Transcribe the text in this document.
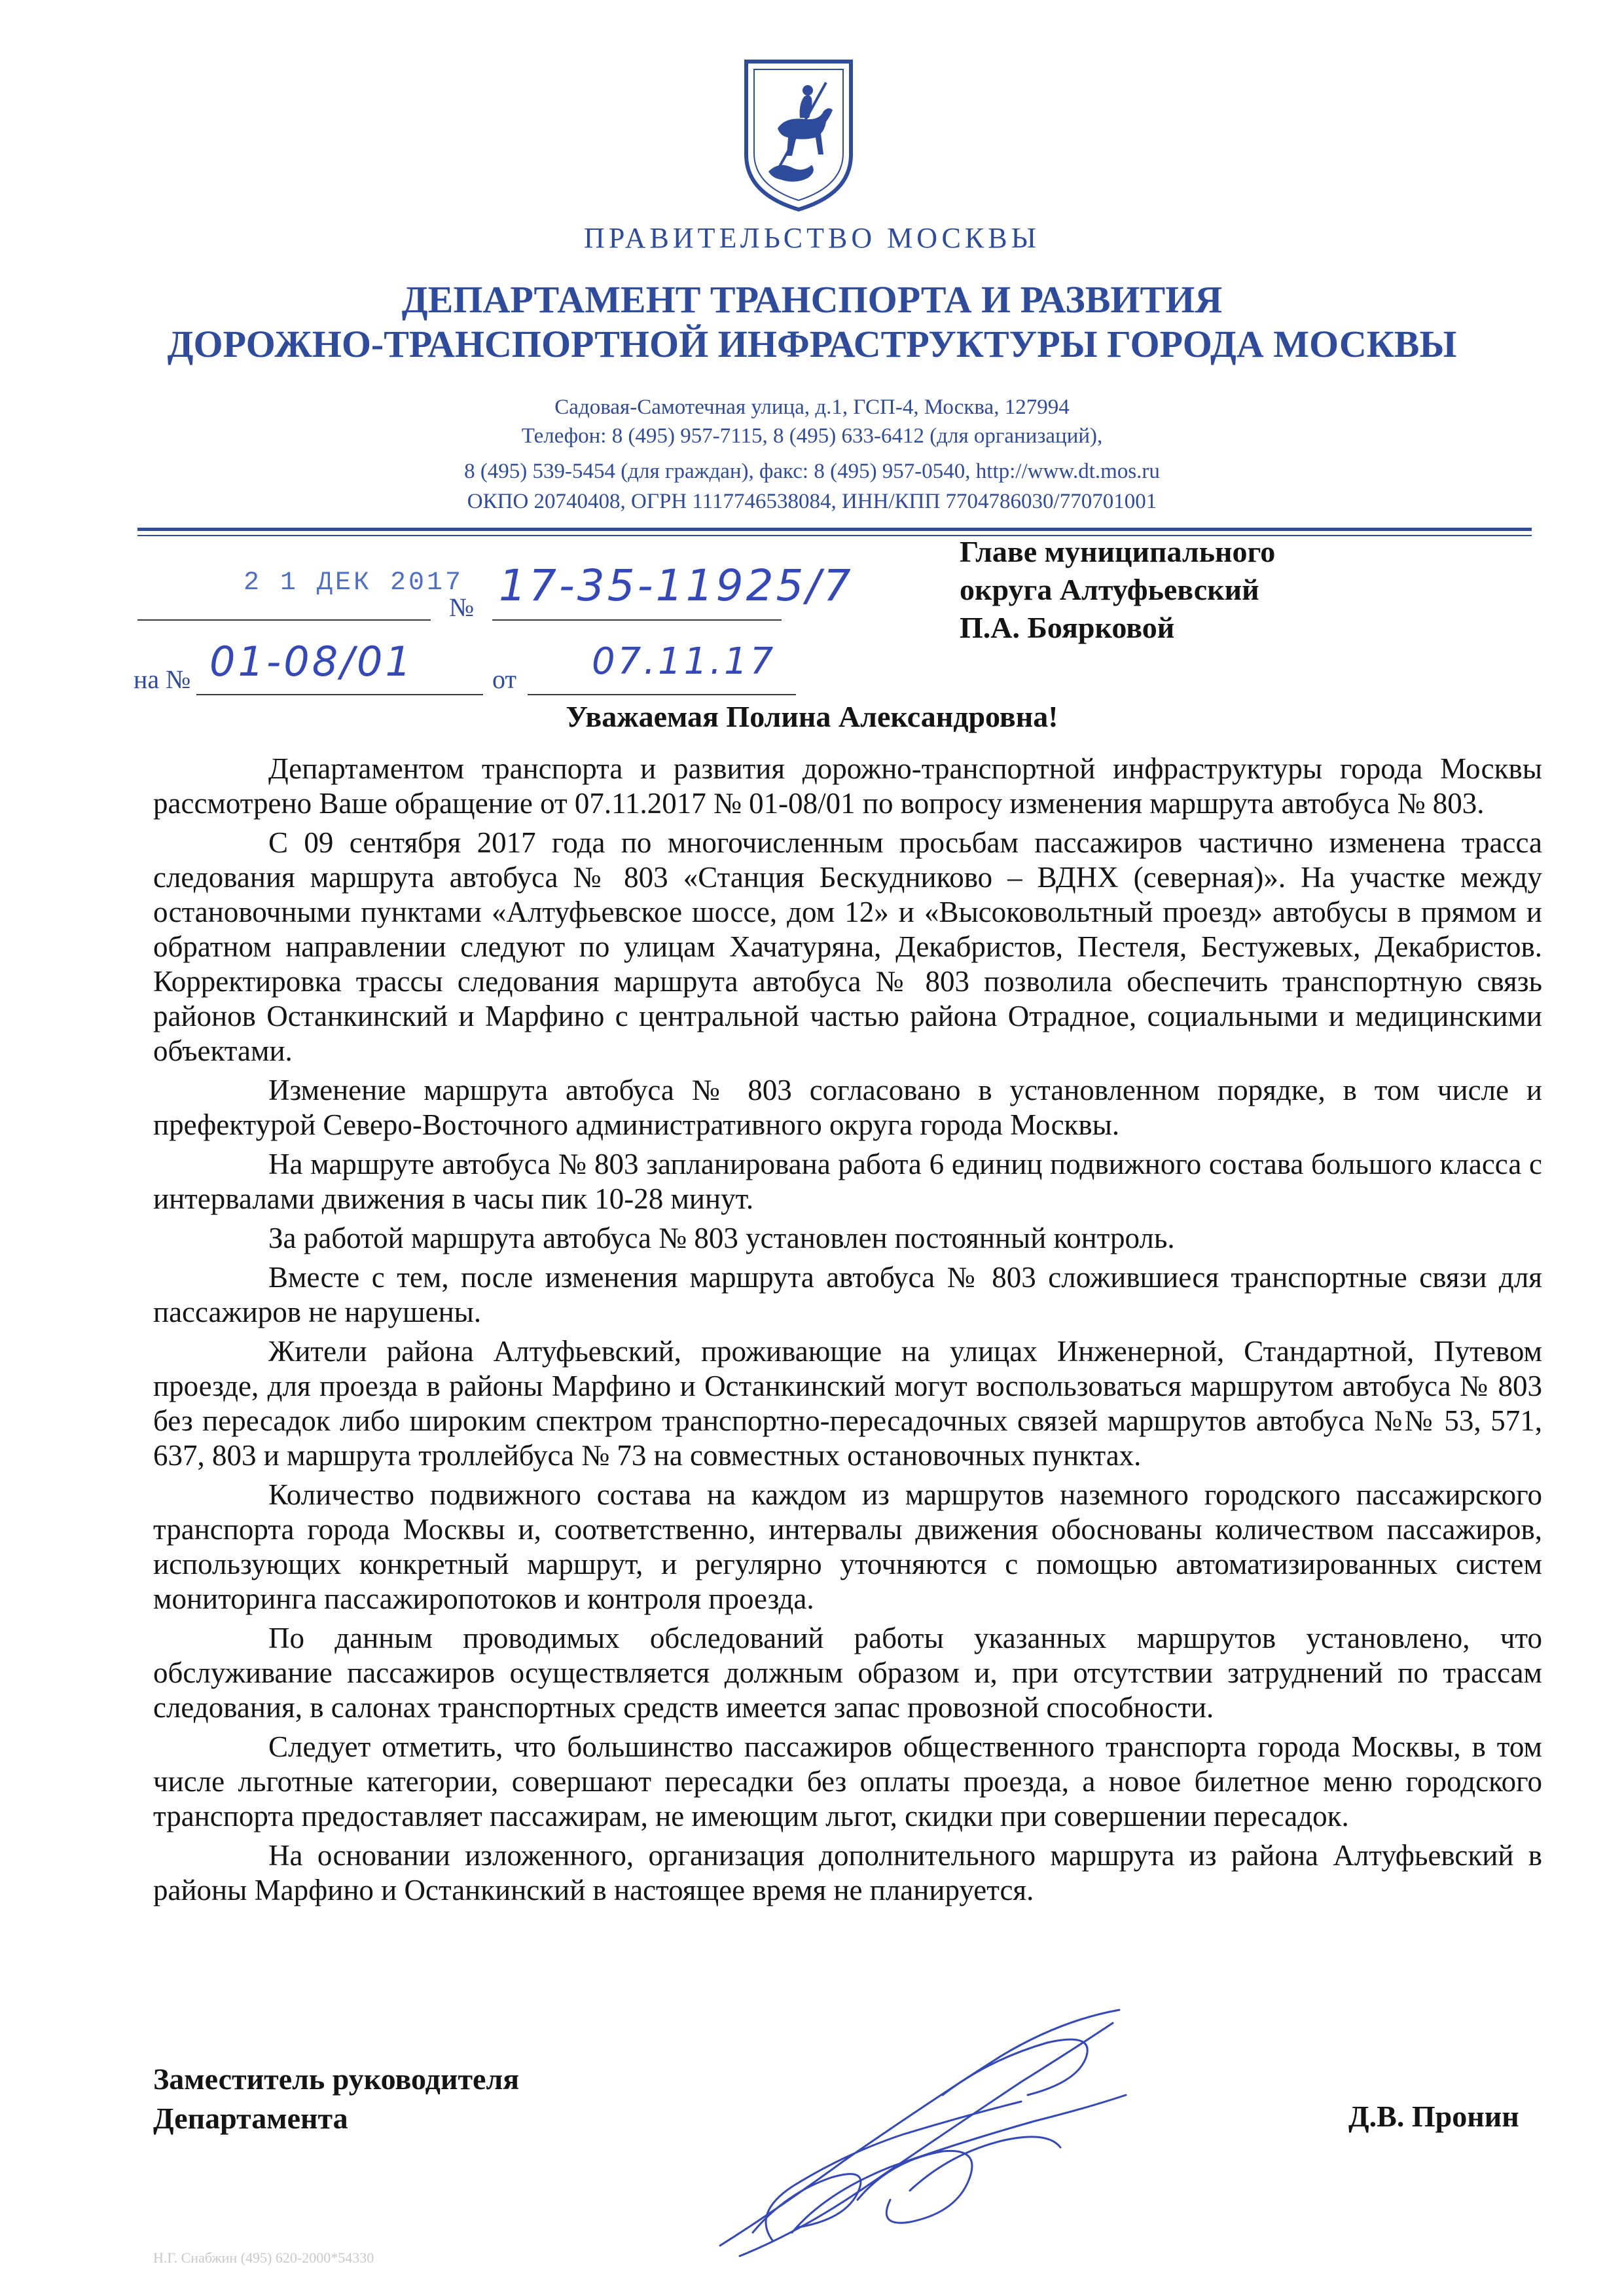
ПРАВИТЕЛЬСТВО МОСКВЫ
ДЕПАРТАМЕНТ ТРАНСПОРТА И РАЗВИТИЯ
ДОРОЖНО-ТРАНСПОРТНОЙ ИНФРАСТРУКТУРЫ ГОРОДА МОСКВЫ
Садовая-Самотечная улица, д.1, ГСП-4, Москва, 127994
Телефон: 8 (495) 957-7115, 8 (495) 633-6412 (для организаций),
8 (495) 539-5454 (для граждан), факс: 8 (495) 957-0540, http://www.dt.mos.ru
ОКПО 20740408, ОГРН 1117746538084, ИНН/КПП 7704786030/770701001
2 1 ДЕК 2017
№ 17-35-11925/7
на № 01-08/01	от 07.11.17
Главе муниципального
округа Алтуфьевский
П.А. Боярковой
Уважаемая Полина Александровна!

Департаментом транспорта и развития дорожно-транспортной инфраструктуры города Москвы рассмотрено Ваше обращение от 07.11.2017 № 01-08/01 по вопросу изменения маршрута автобуса № 803.

С 09 сентября 2017 года по многочисленным просьбам пассажиров частично изменена трасса следования маршрута автобуса № 803 «Станция Бескудниково – ВДНХ (северная)». На участке между остановочными пунктами «Алтуфьевское шоссе, дом 12» и «Высоковольтный проезд» автобусы в прямом и обратном направлении следуют по улицам Хачатуряна, Декабристов, Пестеля, Бестужевых, Декабристов. Корректировка трассы следования маршрута автобуса № 803 позволила обеспечить транспортную связь районов Останкинский и Марфино с центральной частью района Отрадное, социальными и медицинскими объектами.

Изменение маршрута автобуса № 803 согласовано в установленном порядке, в том числе и префектурой Северо-Восточного административного округа города Москвы.

На маршруте автобуса № 803 запланирована работа 6 единиц подвижного состава большого класса с интервалами движения в часы пик 10-28 минут.

За работой маршрута автобуса № 803 установлен постоянный контроль.

Вместе с тем, после изменения маршрута автобуса № 803 сложившиеся транспортные связи для пассажиров не нарушены.

Жители района Алтуфьевский, проживающие на улицах Инженерной, Стандартной, Путевом проезде, для проезда в районы Марфино и Останкинский могут воспользоваться маршрутом автобуса № 803 без пересадок либо широким спектром транспортно-пересадочных связей маршрутов автобуса №№ 53, 571, 637, 803 и маршрута троллейбуса № 73 на совместных остановочных пунктах.

Количество подвижного состава на каждом из маршрутов наземного городского пассажирского транспорта города Москвы и, соответственно, интервалы движения обоснованы количеством пассажиров, использующих конкретный маршрут, и регулярно уточняются с помощью автоматизированных систем мониторинга пассажиропотоков и контроля проезда.

По данным проводимых обследований работы указанных маршрутов установлено, что обслуживание пассажиров осуществляется должным образом и, при отсутствии затруднений по трассам следования, в салонах транспортных средств имеется запас провозной способности.

Следует отметить, что большинство пассажиров общественного транспорта города Москвы, в том числе льготные категории, совершают пересадки без оплаты проезда, а новое билетное меню городского транспорта предоставляет пассажирам, не имеющим льгот, скидки при совершении пересадок.

На основании изложенного, организация дополнительного маршрута из района Алтуфьевский в районы Марфино и Останкинский в настоящее время не планируется.

Заместитель руководителя
Департамента	Д.В. Пронин
Н.Г. Снабжин (495) 620-2000*54330
